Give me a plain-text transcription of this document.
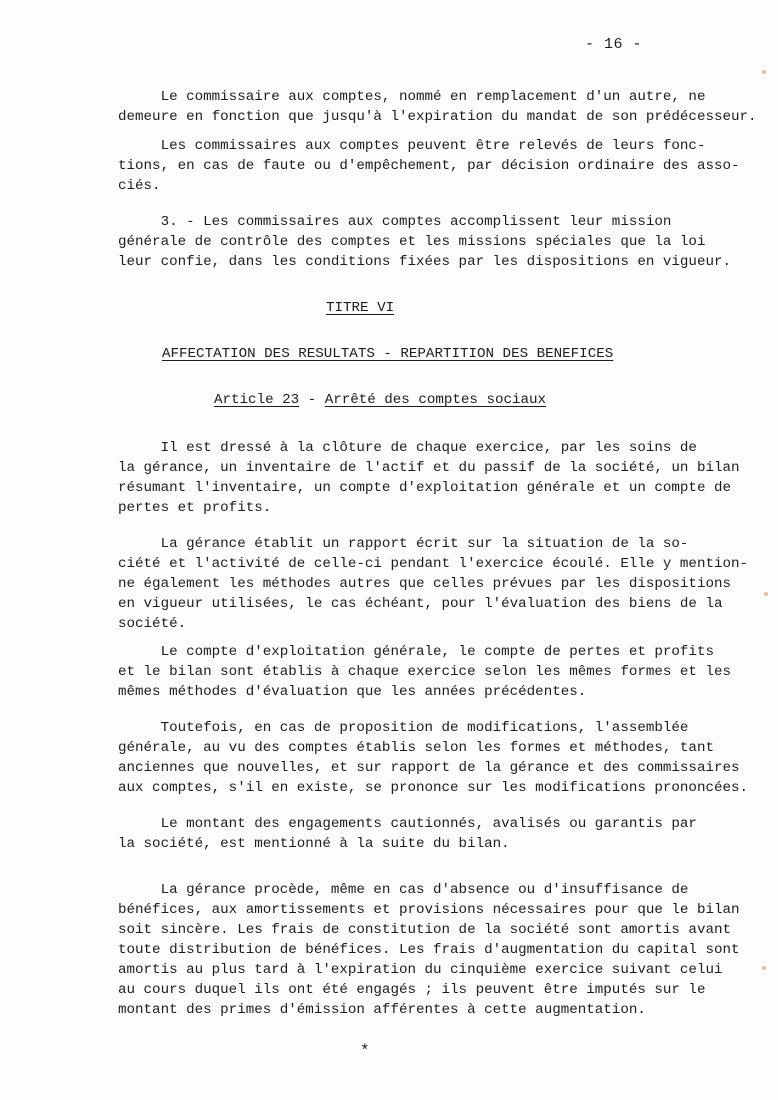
- 16 -
Le commissaire aux comptes, nommé en remplacement d'un autre, ne
demeure en fonction que jusqu'à l'expiration du mandat de son prédécesseur.
Les commissaires aux comptes peuvent être relevés de leurs fonc-
tions, en cas de faute ou d'empêchement, par décision ordinaire des asso-
ciés.
3. - Les commissaires aux comptes accomplissent leur mission
générale de contrôle des comptes et les missions spéciales que la loi
leur confie, dans les conditions fixées par les dispositions en vigueur.
TITRE VI
AFFECTATION DES RESULTATS - REPARTITION DES BENEFICES
Article 23 - Arrêté des comptes sociaux
Il est dressé à la clôture de chaque exercice, par les soins de
la gérance, un inventaire de l'actif et du passif de la société, un bilan
résumant l'inventaire, un compte d'exploitation générale et un compte de
pertes et profits.
La gérance établit un rapport écrit sur la situation de la so-
ciété et l'activité de celle-ci pendant l'exercice écoulé. Elle y mention-
ne également les méthodes autres que celles prévues par les dispositions
en vigueur utilisées, le cas échéant, pour l'évaluation des biens de la
société.
Le compte d'exploitation générale, le compte de pertes et profits
et le bilan sont établis à chaque exercice selon les mêmes formes et les
mêmes méthodes d'évaluation que les années précédentes.
Toutefois, en cas de proposition de modifications, l'assemblée
générale, au vu des comptes établis selon les formes et méthodes, tant
anciennes que nouvelles, et sur rapport de la gérance et des commissaires
aux comptes, s'il en existe, se prononce sur les modifications prononcées.
Le montant des engagements cautionnés, avalisés ou garantis par
la société, est mentionné à la suite du bilan.
La gérance procède, même en cas d'absence ou d'insuffisance de
bénéfices, aux amortissements et provisions nécessaires pour que le bilan
soit sincère. Les frais de constitution de la société sont amortis avant
toute distribution de bénéfices. Les frais d'augmentation du capital sont
amortis au plus tard à l'expiration du cinquième exercice suivant celui
au cours duquel ils ont été engagés ; ils peuvent être imputés sur le
montant des primes d'émission afférentes à cette augmentation.
*
